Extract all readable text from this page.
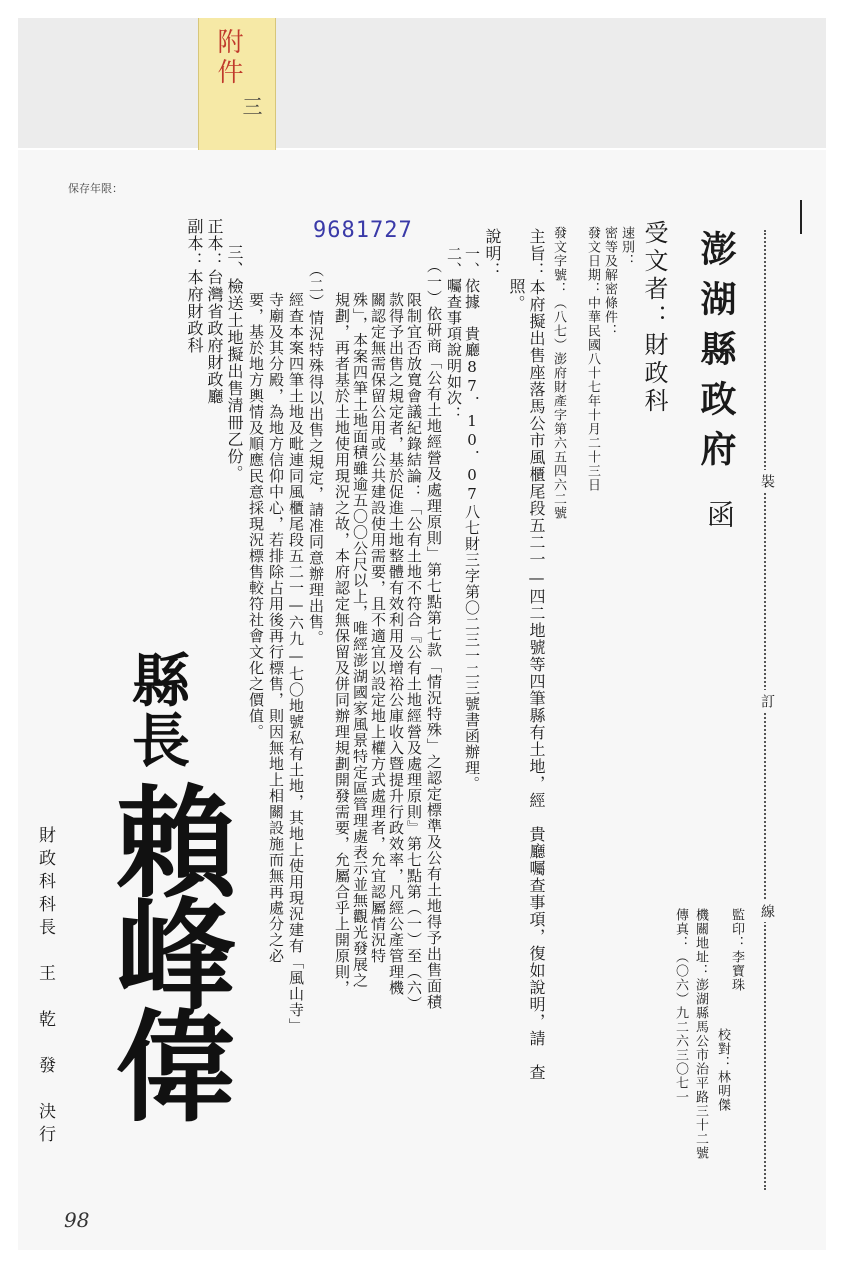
附件
三
保存年限：
裝
訂
線
澎湖縣政府
函
受文者：財政科
速別：
密等及解密條件：
發文日期：中華民國八十七年十月二十三日
發文字號：（八七）澎府財產字第六五四六二號
主旨：本府擬出售座落馬公市風櫃尾段五二一—四二地號等四筆縣有土地，經　貴廳囑查事項，復如說明，請　查
照。
說明：
一、依據　貴廳87．10．07八七財三字第〇二三一二三號書函辦理。
二、囑查事項說明如次：
（一）依研商「公有土地經營及處理原則」第七點第七款「情況特殊」之認定標準及公有土地得予出售面積
限制宜否放寬會議紀錄結論：「公有土地不符合『公有土地經營及處理原則』第七點第（一）至（六）
款得予出售之規定者，基於促進土地整體有效利用及增裕公庫收入暨提升行政效率，凡經公產管理機
關認定無需保留公用或公共建設使用需要，且不適宜以設定地上權方式處理者，允宜認屬情況特
殊」，本案四筆土地面積雖逾五〇〇公尺以上，唯經澎湖國家風景特定區管理處表示並無觀光發展之
規劃，再者基於土地使用現況之故，本府認定無保留及併同辦理規劃開發需要，允屬合乎上開原則，
（二）情況特殊得以出售之規定，請准同意辦理出售。
經查本案四筆土地及毗連同風櫃尾段五二一—六九—七〇地號私有土地，其地上使用現況建有「風山寺」
寺廟及其分殿，為地方信仰中心，若排除占用後再行標售，則因無地上相關設施而無再處分之必
要，基於地方輿情及順應民意採現況標售較符社會文化之價值。
三、檢送土地擬出售清冊乙份。
正本：台灣省政府財政廳
副本：本府財政科	9681727
縣長
賴峰偉
財政科科長　王　乾　發　決行	監印：李寶珠
校對：林明傑
機關地址：澎湖縣馬公市治平路三十二號
傳真：（〇六）九二六三〇七一
98
